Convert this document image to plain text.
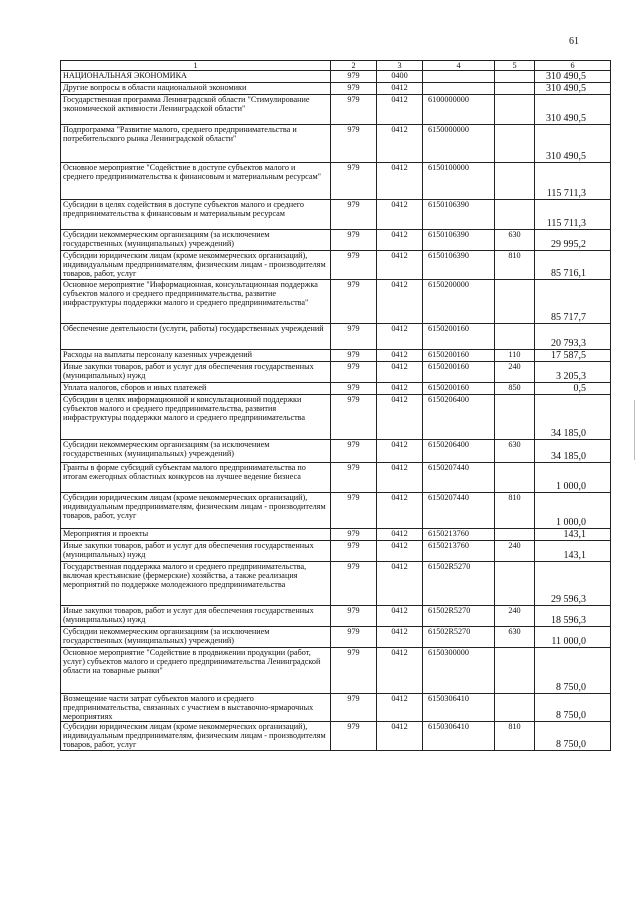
61
1	2	3	4	5	6
НАЦИОНАЛЬНАЯ ЭКОНОМИКА	979	0400			310 490,5
Другие вопросы в области национальной экономики	979	0412			310 490,5
Государственная программа Ленинградской области "Стимулирование экономической активности Ленинградской области"	979	0412	6100000000		310 490,5
Подпрограмма "Развитие малого, среднего предпринимательства и потребительского рынка Ленинградской области"	979	0412	6150000000		310 490,5
Основное мероприятие "Содействие в доступе субъектов малого и среднего предпринимательства к финансовым и материальным ресурсам"	979	0412	6150100000		115 711,3
Субсидии в целях содействия в доступе субъектов малого и среднего предпринимательства к финансовым и материальным ресурсам	979	0412	6150106390		115 711,3
Субсидии некоммерческим организациям (за исключением государственных (муниципальных) учреждений)	979	0412	6150106390	630	29 995,2
Субсидии юридическим лицам (кроме некоммерческих организаций), индивидуальным предпринимателям, физическим лицам - производителям товаров, работ, услуг	979	0412	6150106390	810	85 716,1
Основное мероприятие "Информационная, консультационная поддержка субъектов малого и среднего предпринимательства, развитие инфраструктуры поддержки малого и среднего предпринимательства"	979	0412	6150200000		85 717,7
Обеспечение деятельности (услуги, работы) государственных учреждений	979	0412	6150200160		20 793,3
Расходы на выплаты персоналу казенных учреждений	979	0412	6150200160	110	17 587,5
Иные закупки товаров, работ и услуг для обеспечения государственных (муниципальных) нужд	979	0412	6150200160	240	3 205,3
Уплата налогов, сборов и иных платежей	979	0412	6150200160	850	0,5
Субсидии в целях информационной и консультационной поддержки субъектов малого и среднего предпринимательства, развития инфраструктуры поддержки малого и среднего предпринимательства	979	0412	6150206400		34 185,0
Субсидии некоммерческим организациям (за исключением государственных (муниципальных) учреждений)	979	0412	6150206400	630	34 185,0
Гранты в форме субсидий субъектам малого предпринимательства по итогам ежегодных областных конкурсов на лучшее ведение бизнеса	979	0412	6150207440		1 000,0
Субсидии юридическим лицам (кроме некоммерческих организаций), индивидуальным предпринимателям, физическим лицам - производителям товаров, работ, услуг	979	0412	6150207440	810	1 000,0
Мероприятия и проекты	979	0412	6150213760		143,1
Иные закупки товаров, работ и услуг для обеспечения государственных (муниципальных) нужд	979	0412	6150213760	240	143,1
Государственная поддержка малого и среднего предпринимательства, включая крестьянские (фермерские) хозяйства, а также реализация мероприятий по поддержке молодежного предпринимательства	979	0412	61502R5270		29 596,3
Иные закупки товаров, работ и услуг для обеспечения государственных (муниципальных) нужд	979	0412	61502R5270	240	18 596,3
Субсидии некоммерческим организациям (за исключением государственных (муниципальных) учреждений)	979	0412	61502R5270	630	11 000,0
Основное мероприятие "Содействие в продвижении продукции (работ, услуг) субъектов малого и среднего предпринимательства Ленинградской области на товарные рынки"	979	0412	6150300000		8 750,0
Возмещение части затрат субъектов малого и среднего предпринимательства, связанных с участием в выставочно-ярмарочных мероприятиях	979	0412	6150306410		8 750,0
Субсидии юридическим лицам (кроме некоммерческих организаций), индивидуальным предпринимателям, физическим лицам - производителям товаров, работ, услуг	979	0412	6150306410	810	8 750,0
